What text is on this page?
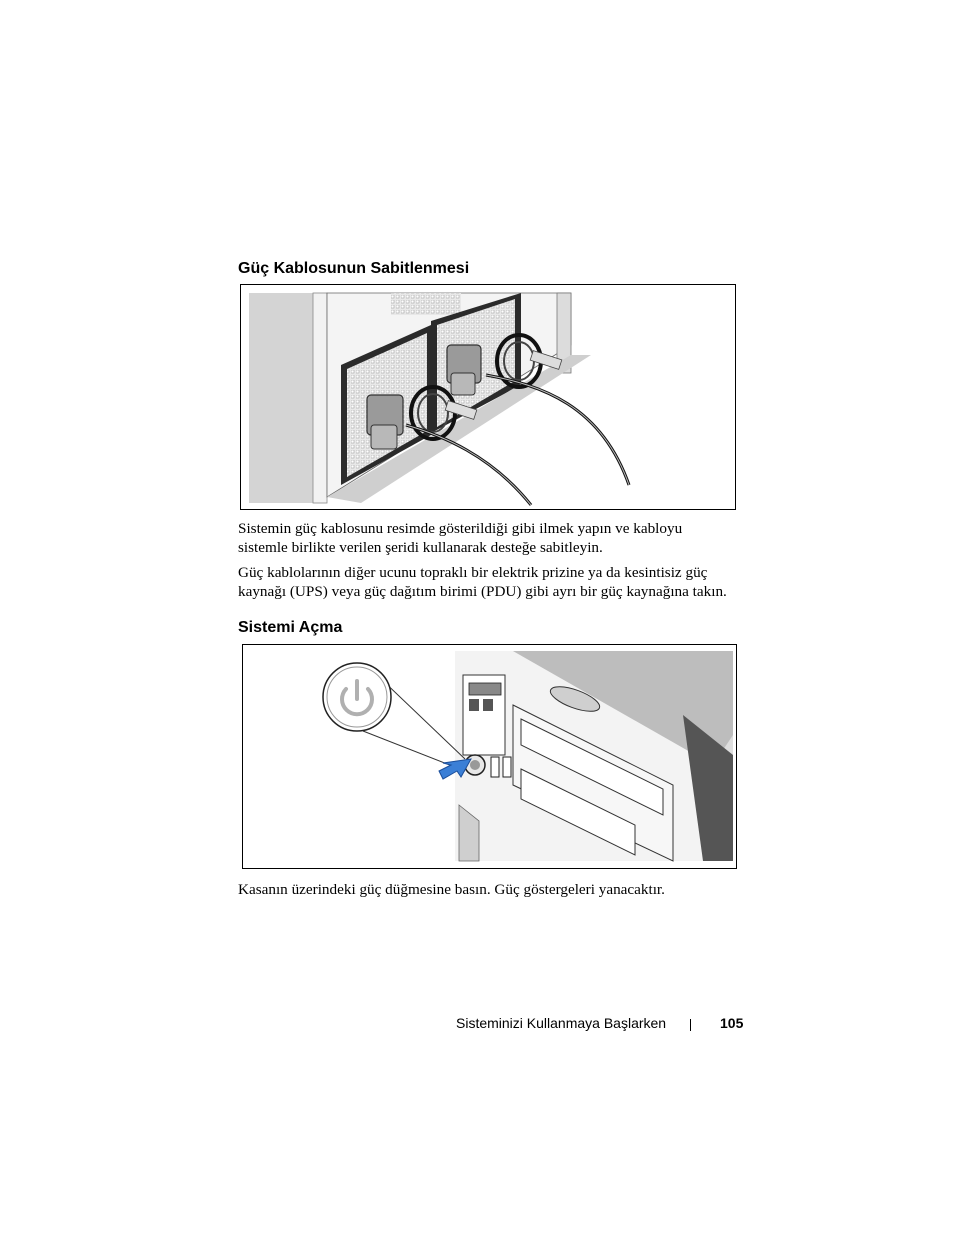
Güç Kablosunun Sabitlenmesi

Sistemin güç kablosunu resimde gösterildiği gibi ilmek yapın ve kabloyu
sistemle birlikte verilen şeridi kullanarak desteğe sabitleyin.

Güç kablolarının diğer ucunu topraklı bir elektrik prizine ya da kesintisiz güç
kaynağı (UPS) veya güç dağıtım birimi (PDU) gibi ayrı bir güç kaynağına takın.

Sistemi Açma

Kasanın üzerindeki güç düğmesine basın. Güç göstergeleri yanacaktır.

Sisteminizi Kullanmaya Başlarken	105
